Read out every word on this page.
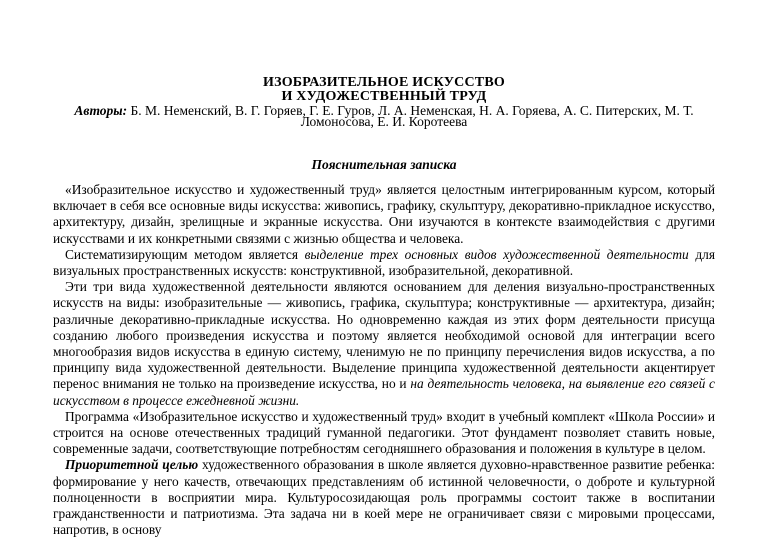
ИЗОБРАЗИТЕЛЬНОЕ ИСКУССТВО
И ХУДОЖЕСТВЕННЫЙ ТРУД
Авторы: Б. М. Неменский, В. Г. Горяев, Г. Е. Гуров, Л. А. Неменская, Н. А. Горяева, А. С. Питерских, М. Т. Ломоносова, Е. И. Коротеева
Пояснительная записка

«Изобразительное искусство и художественный труд» является целостным интегрированным курсом, который включает в себя все основные виды искусства: живопись, графику, скульптуру, декоративно-прикладное искусство, архитектуру, дизайн, зрелищные и экранные искусства. Они изучаются в контексте взаимодействия с другими искусствами и их конкретными связями с жизнью общества и человека.

Систематизирующим методом является выделение трех основных видов художественной деятельности для визуальных пространственных искусств: конструктивной, изобразительной, декоративной.

Эти три вида художественной деятельности являются основанием для деления визуально-пространственных искусств на виды: изобразительные — живопись, графика, скульптура; конструктивные — архитектура, дизайн; различные декоративно-прикладные искусства. Но одновременно каждая из этих форм деятельности присуща созданию любого произведения искусства и поэтому является необходимой основой для интеграции всего многообразия видов искусства в единую систему, членимую не по принципу перечисления видов искусства, а по принципу вида художественной деятельности. Выделение принципа художественной деятельности акцентирует перенос внимания не только на произведение искусства, но и на деятельность человека, на выявление его связей с искусством в процессе ежедневной жизни.

Программа «Изобразительное искусство и художественный труд» входит в учебный комплект «Школа России» и строится на основе отечественных традиций гуманной педагогики. Этот фундамент позволяет ставить новые, современные задачи, соответствующие потребностям сегодняшнего образования и положения в культуре в целом.

Приоритетной целью художественного образования в школе является духовно-нравственное развитие ребенка: формирование у него качеств, отвечающих представлениям об истинной человечности, о доброте и культурной полноценности в восприятии мира. Культуросозидающая роль программы состоит также в воспитании гражданственности и патриотизма. Эта задача ни в коей мере не ограничивает связи с мировыми процессами, напротив, в основу
